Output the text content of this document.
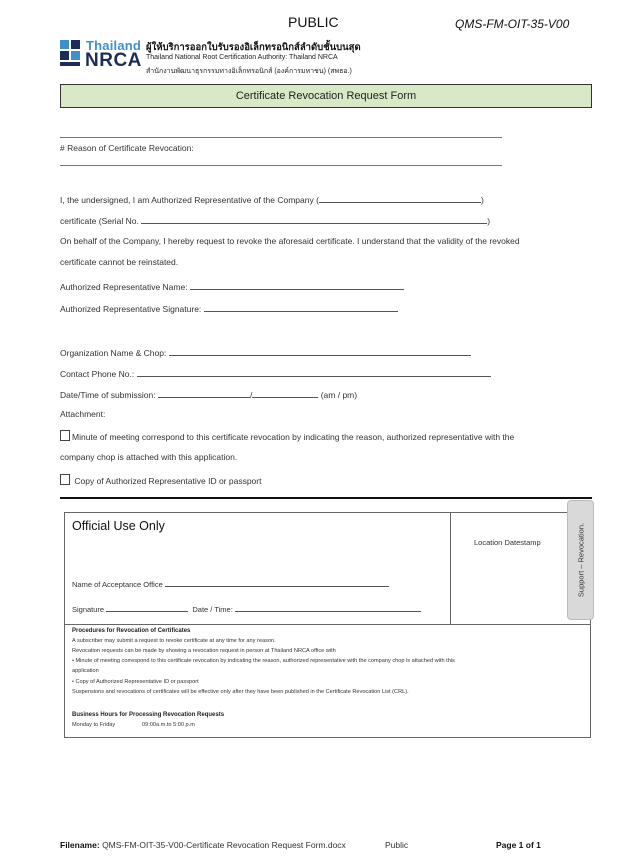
PUBLIC	QMS-FM-OIT-35-V00
Thailand
NRCA
ผู้ให้บริการออกใบรับรองอิเล็กทรอนิกส์ลำดับชั้นบนสุด
Thailand National Root Certification Authority: Thailand NRCA
สำนักงานพัฒนาธุรกรรมทางอิเล็กทรอนิกส์ (องค์การมหาชน) (สพธอ.)
Certificate Revocation Request Form
# Reason of Certificate Revocation:
I, the undersigned, I am Authorized Representative of the Company (	)
certificate (Serial No.	)
On behalf of the Company, I hereby request to revoke the aforesaid certificate. I understand that the validity of the revoked
certificate cannot be reinstated.
Authorized Representative Name:
Authorized Representative Signature:
Organization Name & Chop:
Contact Phone No.:
Date/Time of submission:	/	(am / pm)
Attachment:
Minute of meeting correspond to this certificate revocation by indicating the reason, authorized representative with the
company chop is attached with this application.
Copy of Authorized Representative ID or passport
Official Use Only
Location Datestamp
Name of Acceptance Office
Signature	Date / Time:
Procedures for Revocation of Certificates
A subscriber may submit a request to revoke certificate at any time for any reason.
Revocation requests can be made by showing a revocation request in person at Thailand NRCA office with
• Minute of meeting correspond to this certificate revocation by indicating the reason, authorized representative with the company chop is attached with this
application
• Copy of Authorized Representative ID or passport
Suspensions and revocations of certificates will be effective only after they have been published in the Certificate Revocation List (CRL).
Business Hours for Processing Revocation Requests
Monday to Friday	09:00a.m.to 5:00 p.m
Support – Revocation.
Filename: QMS-FM-OIT-35-V00-Certificate Revocation Request Form.docx	Public	Page 1 of 1
